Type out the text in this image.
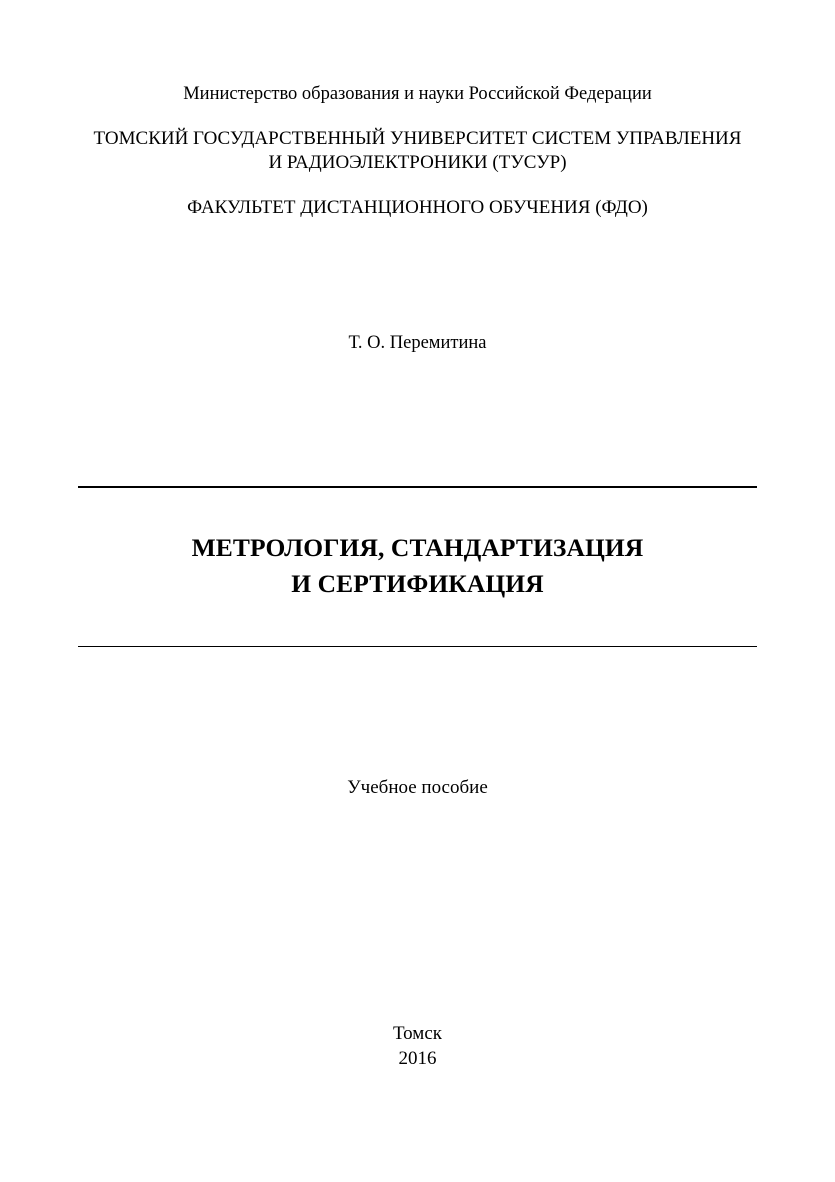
Министерство образования и науки Российской Федерации
ТОМСКИЙ ГОСУДАРСТВЕННЫЙ УНИВЕРСИТЕТ СИСТЕМ УПРАВЛЕНИЯ
И РАДИОЭЛЕКТРОНИКИ (ТУСУР)
ФАКУЛЬТЕТ ДИСТАНЦИОННОГО ОБУЧЕНИЯ (ФДО)
Т. О. Перемитина
МЕТРОЛОГИЯ, СТАНДАРТИЗАЦИЯ
И СЕРТИФИКАЦИЯ
Учебное пособие
Томск
2016
